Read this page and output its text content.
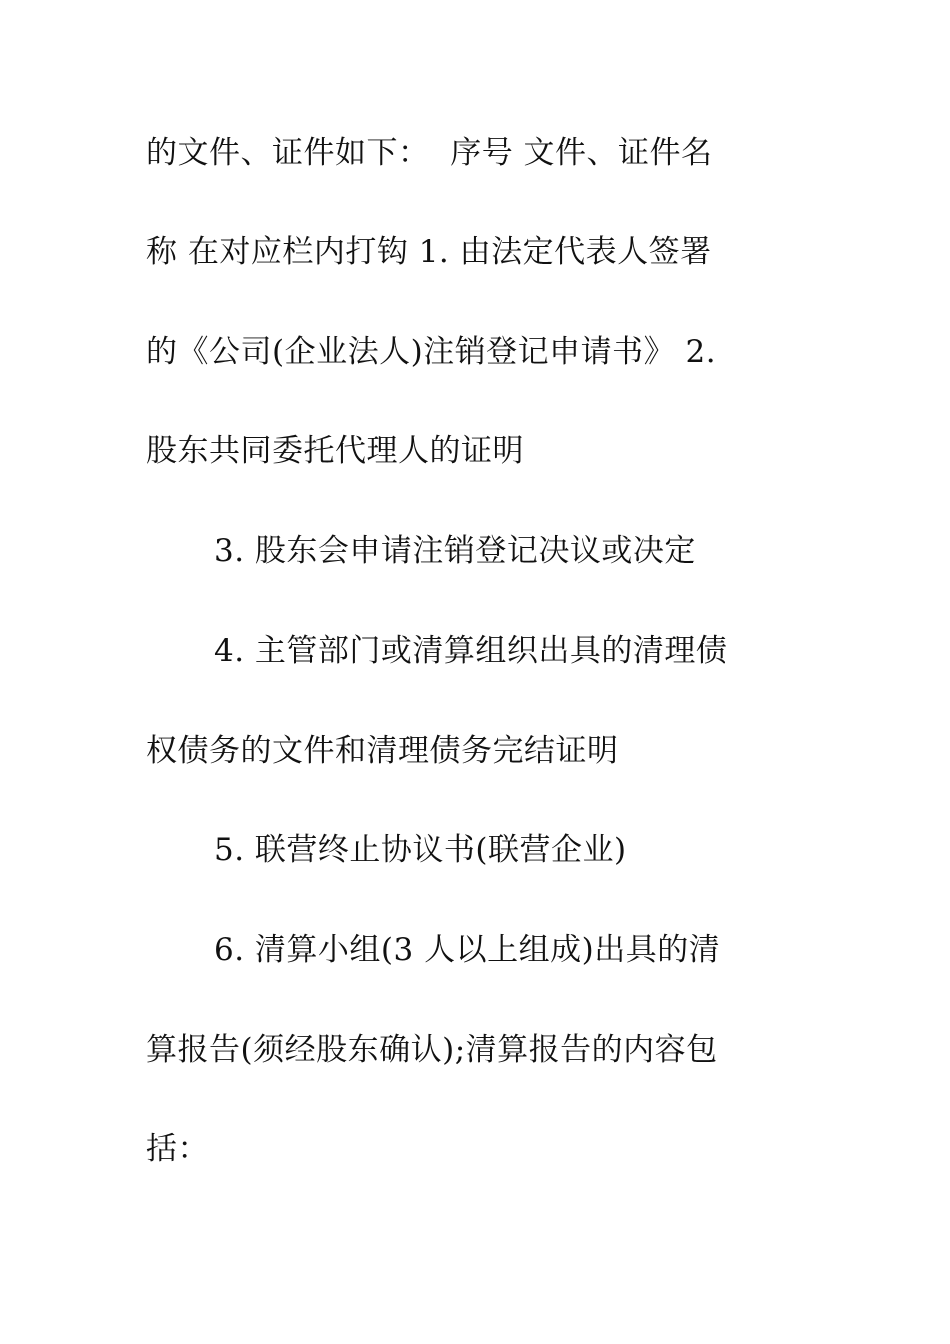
的文件、证件如下：  序号 文件、证件名
称 在对应栏内打钩 1. 由法定代表人签署
的《公司(企业法人)注销登记申请书》 2.
股东共同委托代理人的证明
3. 股东会申请注销登记决议或决定
4. 主管部门或清算组织出具的清理债
权债务的文件和清理债务完结证明
5. 联营终止协议书(联营企业)
6. 清算小组(3 人以上组成)出具的清
算报告(须经股东确认);清算报告的内容包
括：
